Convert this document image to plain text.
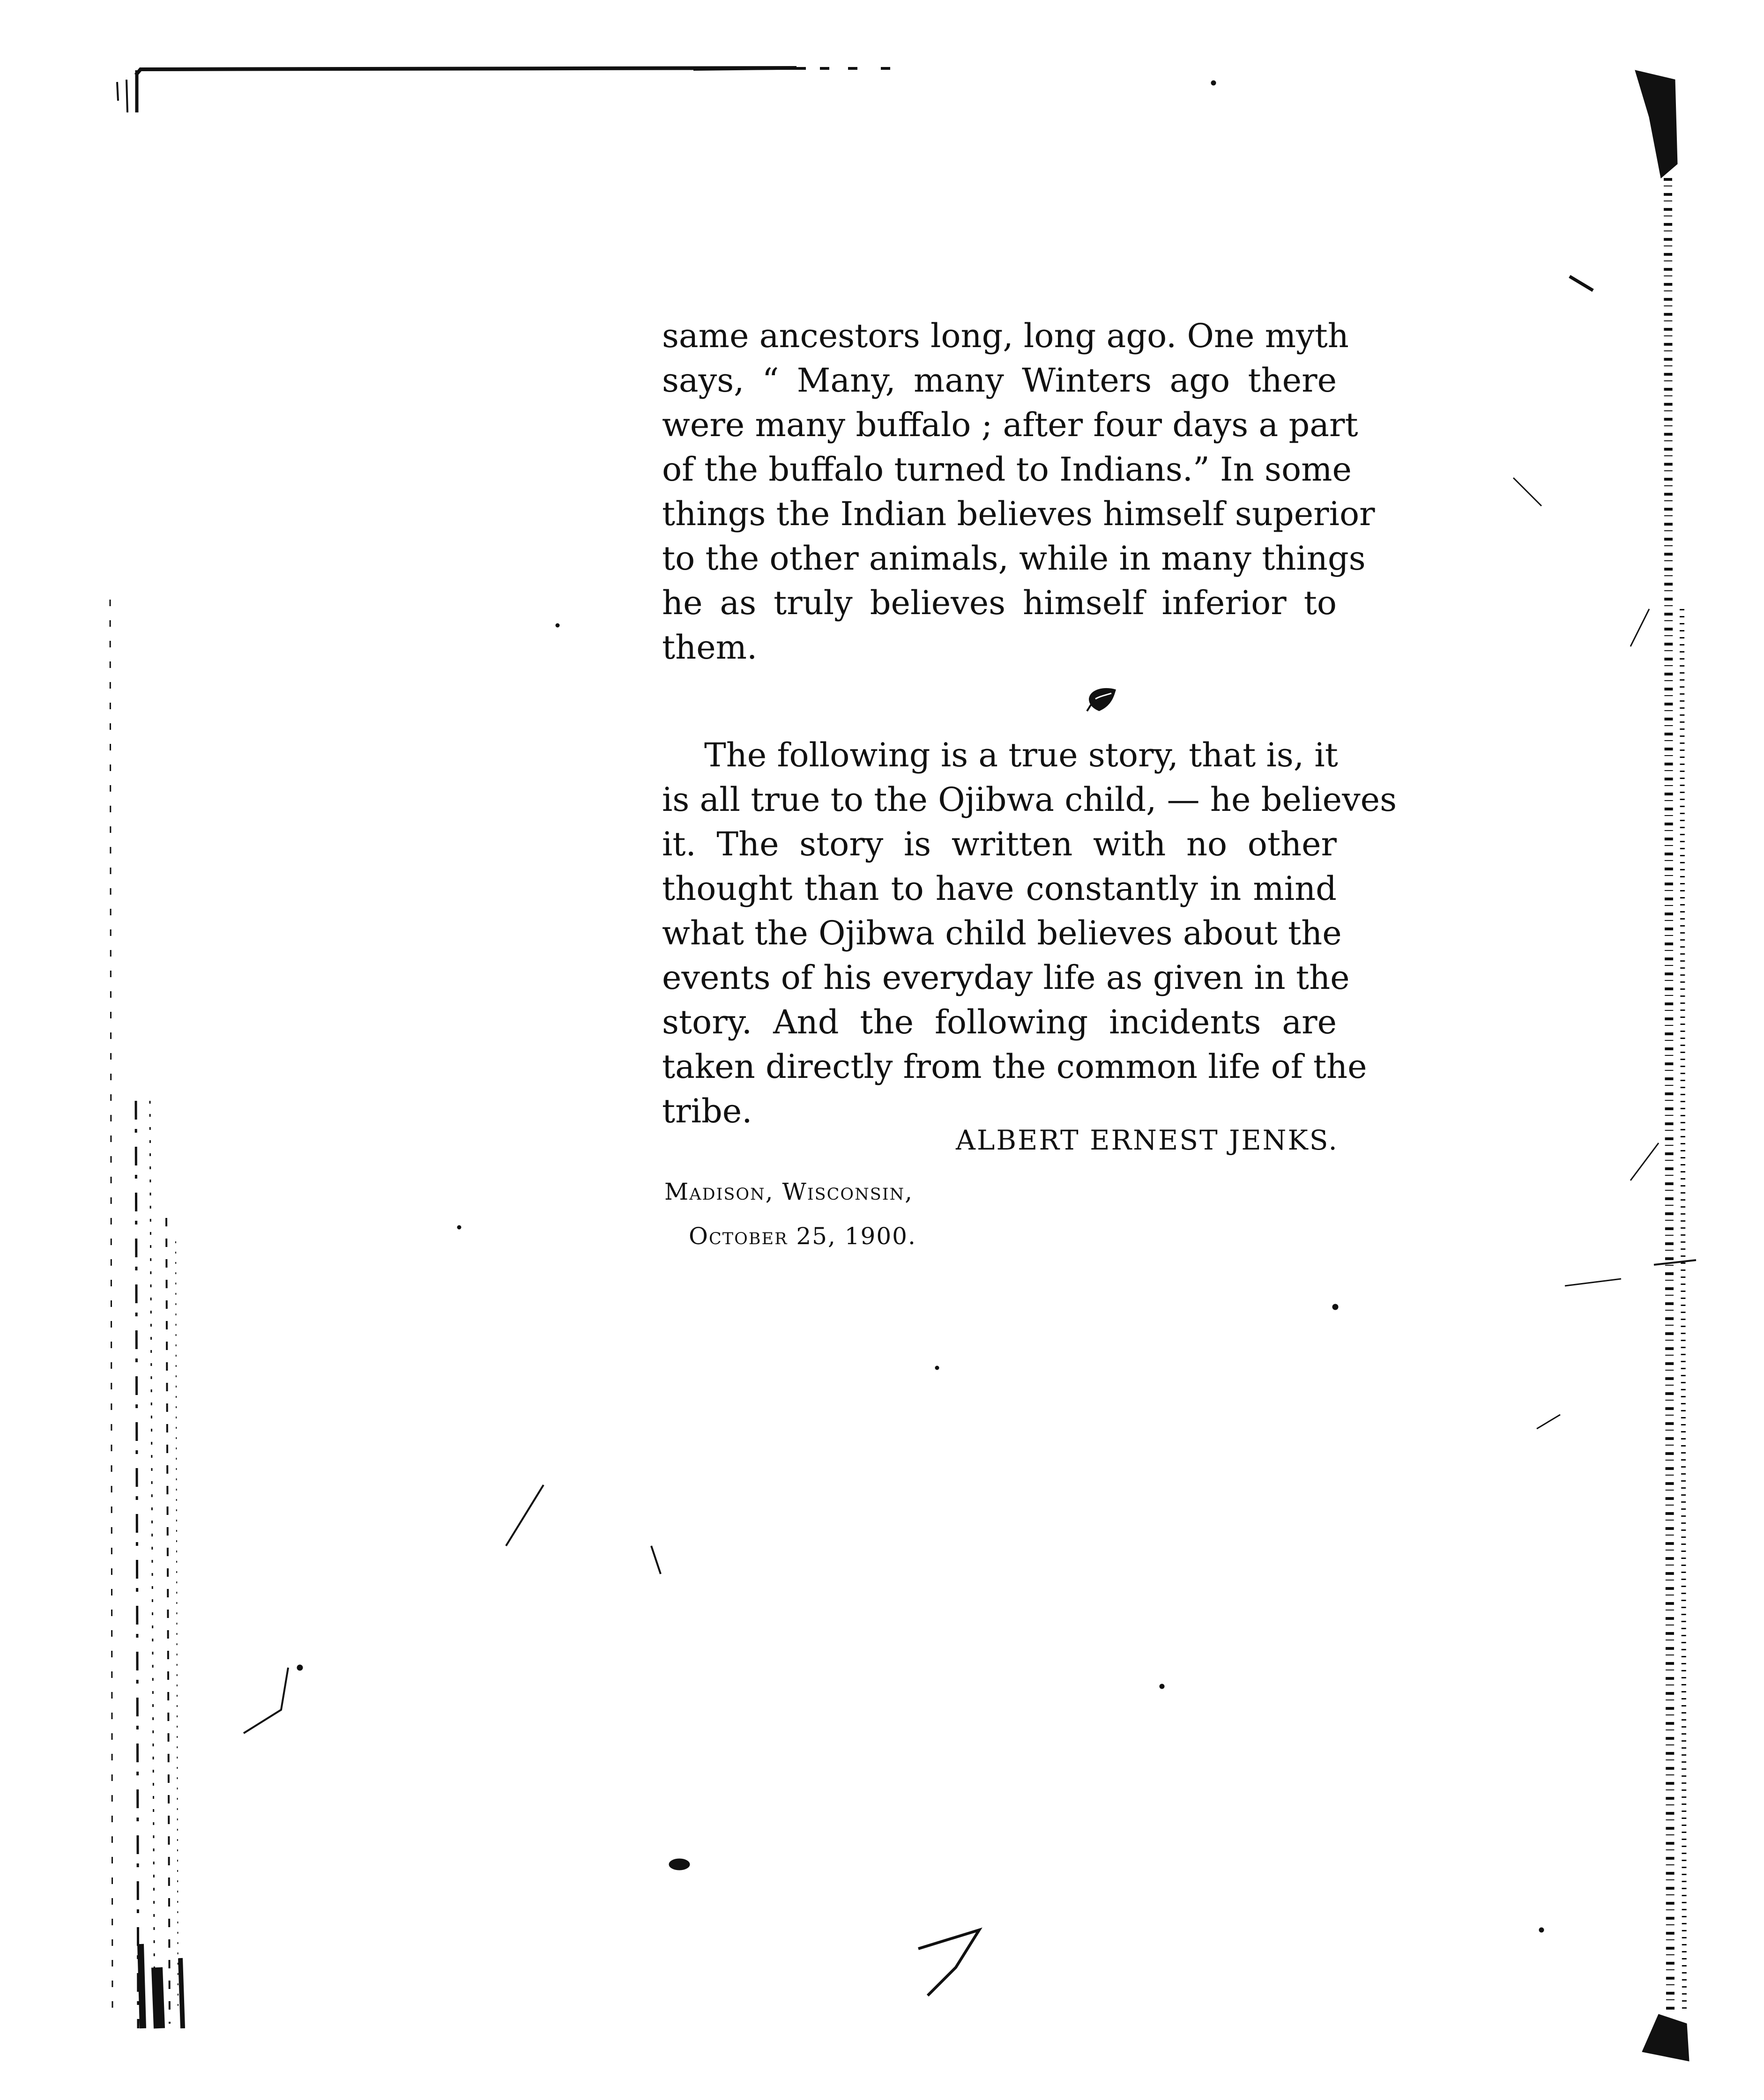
same ancestors long, long ago. One myth
says, “ Many, many Winters ago there
were many buffalo ; after four days a part
of the buffalo turned to Indians.” In some
things the Indian believes himself superior
to the other animals, while in many things
he as truly believes himself inferior to
them.
The following is a true story, that is, it
is all true to the Ojibwa child, — he believes
it. The story is written with no other
thought than to have constantly in mind
what the Ojibwa child believes about the
events of his everyday life as given in the
story. And the following incidents are
taken directly from the common life of the
tribe.
ALBERT ERNEST JENKS.
Madison, Wisconsin,
October 25, 1900.
